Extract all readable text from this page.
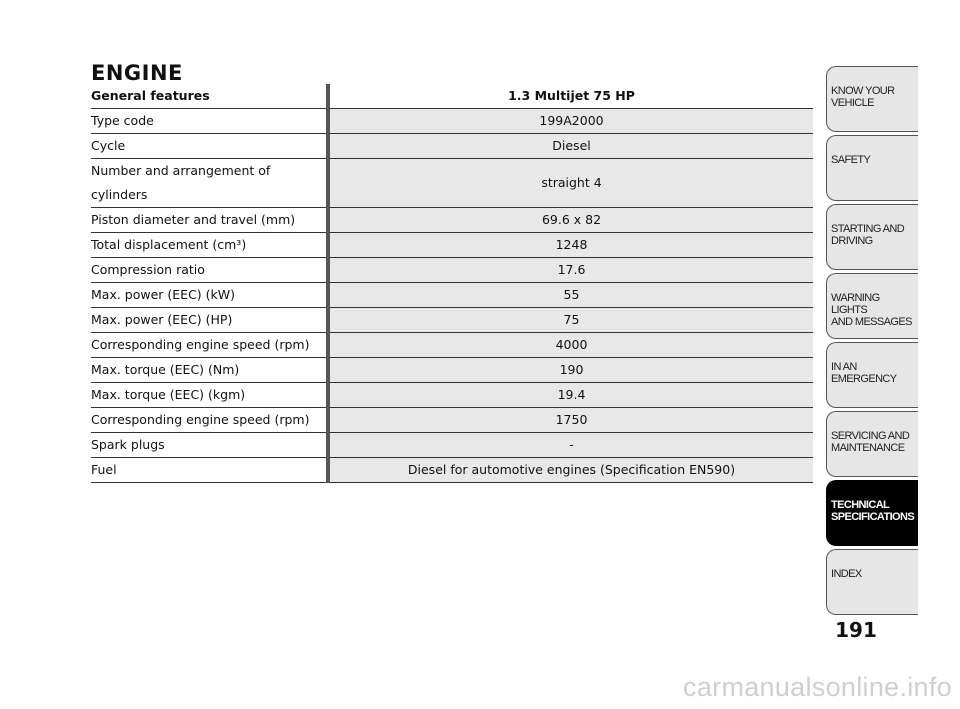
ENGINE
General features		1.3 Multijet 75 HP
Type code		199A2000
Cycle		Diesel
Number and arrangement of cylinders		straight 4
Piston diameter and travel (mm)		69.6 x 82
Total displacement (cm³)		1248
Compression ratio		17.6
Max. power (EEC) (kW)		55
Max. power (EEC) (HP)		75
Corresponding engine speed (rpm)		4000
Max. torque (EEC) (Nm)		190
Max. torque (EEC) (kgm)		19.4
Corresponding engine speed (rpm)		1750
Spark plugs		-
Fuel		Diesel for automotive engines (Specification EN590)
KNOW YOUR
VEHICLE
SAFETY
STARTING AND
DRIVING
WARNING LIGHTS
AND MESSAGES
IN AN EMERGENCY
SERVICING AND
MAINTENANCE
TECHNICAL
SPECIFICATIONS
INDEX
191
carmanualsonline.info
